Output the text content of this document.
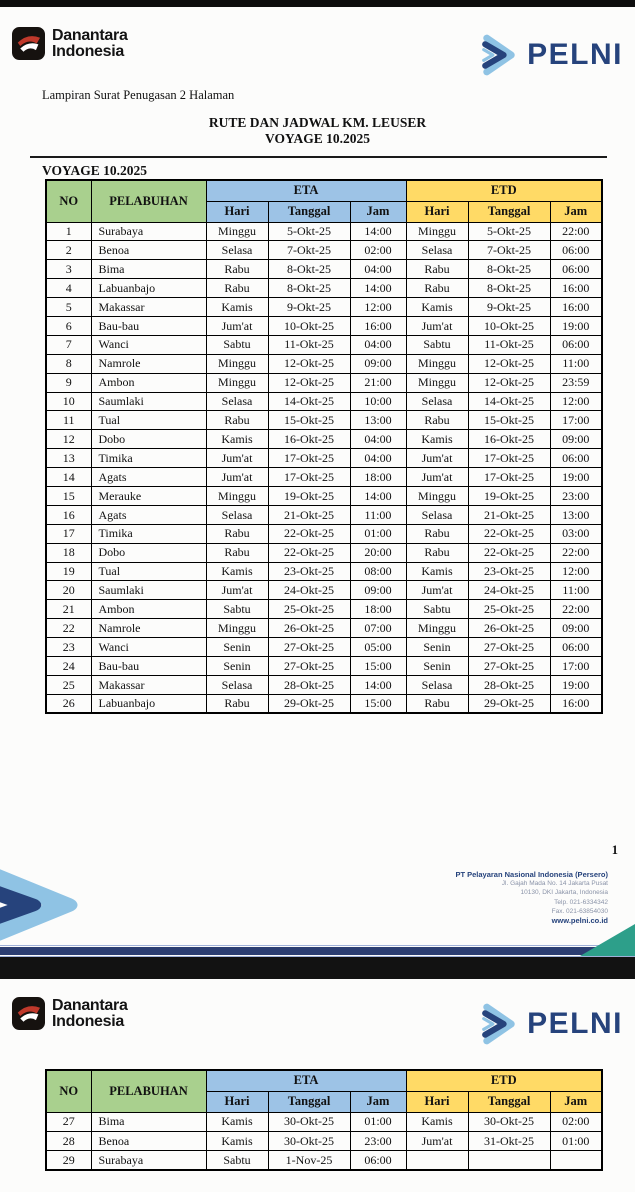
Danantara
Indonesia	PELNI
Lampiran Surat Penugasan 2 Halaman
RUTE DAN JADWAL KM. LEUSER
VOYAGE 10.2025
VOYAGE 10.2025
NO	PELABUHAN	ETA			ETD		
		Hari	Tanggal	Jam	Hari	Tanggal	Jam
1	Surabaya	Minggu	5-Okt-25	14:00	Minggu	5-Okt-25	22:00
2	Benoa	Selasa	7-Okt-25	02:00	Selasa	7-Okt-25	06:00
3	Bima	Rabu	8-Okt-25	04:00	Rabu	8-Okt-25	06:00
4	Labuanbajo	Rabu	8-Okt-25	14:00	Rabu	8-Okt-25	16:00
5	Makassar	Kamis	9-Okt-25	12:00	Kamis	9-Okt-25	16:00
6	Bau-bau	Jum'at	10-Okt-25	16:00	Jum'at	10-Okt-25	19:00
7	Wanci	Sabtu	11-Okt-25	04:00	Sabtu	11-Okt-25	06:00
8	Namrole	Minggu	12-Okt-25	09:00	Minggu	12-Okt-25	11:00
9	Ambon	Minggu	12-Okt-25	21:00	Minggu	12-Okt-25	23:59
10	Saumlaki	Selasa	14-Okt-25	10:00	Selasa	14-Okt-25	12:00
11	Tual	Rabu	15-Okt-25	13:00	Rabu	15-Okt-25	17:00
12	Dobo	Kamis	16-Okt-25	04:00	Kamis	16-Okt-25	09:00
13	Timika	Jum'at	17-Okt-25	04:00	Jum'at	17-Okt-25	06:00
14	Agats	Jum'at	17-Okt-25	18:00	Jum'at	17-Okt-25	19:00
15	Merauke	Minggu	19-Okt-25	14:00	Minggu	19-Okt-25	23:00
16	Agats	Selasa	21-Okt-25	11:00	Selasa	21-Okt-25	13:00
17	Timika	Rabu	22-Okt-25	01:00	Rabu	22-Okt-25	03:00
18	Dobo	Rabu	22-Okt-25	20:00	Rabu	22-Okt-25	22:00
19	Tual	Kamis	23-Okt-25	08:00	Kamis	23-Okt-25	12:00
20	Saumlaki	Jum'at	24-Okt-25	09:00	Jum'at	24-Okt-25	11:00
21	Ambon	Sabtu	25-Okt-25	18:00	Sabtu	25-Okt-25	22:00
22	Namrole	Minggu	26-Okt-25	07:00	Minggu	26-Okt-25	09:00
23	Wanci	Senin	27-Okt-25	05:00	Senin	27-Okt-25	06:00
24	Bau-bau	Senin	27-Okt-25	15:00	Senin	27-Okt-25	17:00
25	Makassar	Selasa	28-Okt-25	14:00	Selasa	28-Okt-25	19:00
26	Labuanbajo	Rabu	29-Okt-25	15:00	Rabu	29-Okt-25	16:00
1
PT Pelayaran Nasional Indonesia (Persero)
Jl. Gajah Mada No. 14 Jakarta Pusat
10130, DKI Jakarta, Indonesia
Telp. 021-6334342
Fax. 021-63854030
www.pelni.co.id
Danantara
Indonesia	PELNI
NO	PELABUHAN	ETA			ETD		
		Hari	Tanggal	Jam	Hari	Tanggal	Jam
27	Bima	Kamis	30-Okt-25	01:00	Kamis	30-Okt-25	02:00
28	Benoa	Kamis	30-Okt-25	23:00	Jum'at	31-Okt-25	01:00
29	Surabaya	Sabtu	1-Nov-25	06:00			
